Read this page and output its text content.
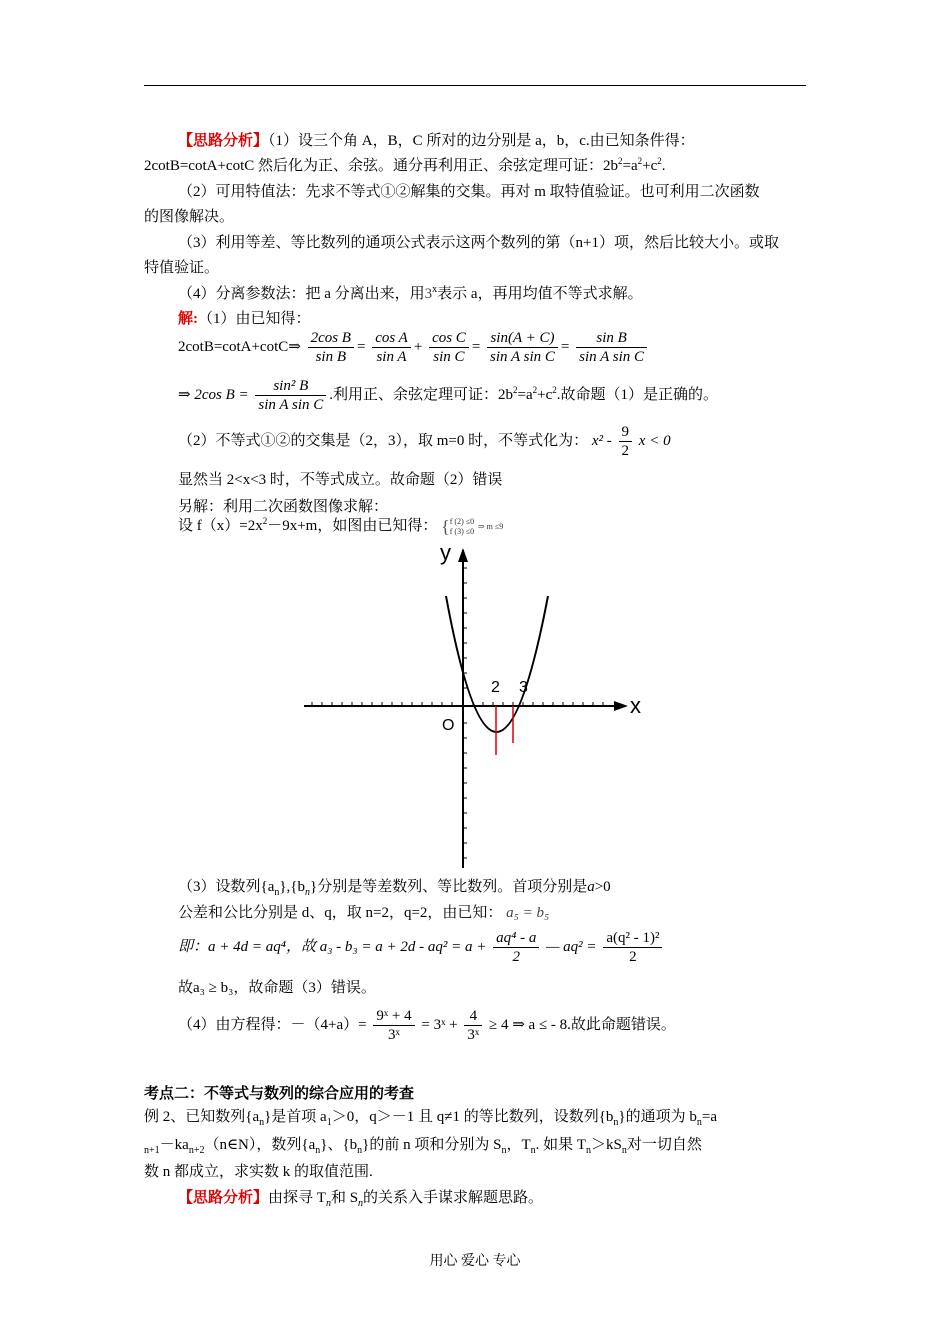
【思路分析】（1）设三个角 A，B，C 所对的边分别是 a，b，c.由已知条件得：
2cotB=cotA+cotC 然后化为正、余弦。通分再利用正、余弦定理可证：$2b^2=a^2+c^2$.
（2）可用特值法：先求不等式①②解集的交集。再对 m 取特值验证。也可利用二次函数
的图像解决。
（3）利用等差、等比数列的通项公式表示这两个数列的第（n+1）项，然后比较大小。或取
特值验证。
（4）分离参数法：把 a 分离出来，用3$^x$表示 a，再用均值不等式求解。
解:（1）由已知得：
2cotB=cotA+cotC⇒ $\frac{\text{2cos B}}{\text{sin B}} = \frac{\text{cos A}}{\text{sin A}} + \frac{\text{cos C}}{\text{sin C}} = \frac{\sin(A + C)}{\text{sin A sin C}} = \frac{\text{sin B}}{\text{sin A sin C}}$
⇒ 2cos $B = \frac{\text{sin² B}}{\text{sin A sin C}}$ .利用正、余弦定理可证：$2b^2=a^2+c^2$.故命题（1）是正确的。
（2）不等式①②的交集是（2，3），取 m=0 时，不等式化为： $x^2 - \frac{9}{2}$ x < 0
显然当 2<x<3 时，不等式成立。故命题（2）错误
另解：利用二次函数图像求解：
设 $f(x)=2x^2-9x+m$，如图由已知得： { f (2) ≤0
f (3) ≤0
⇒ m ≤9
y
x
O
2 3
（3）设数列$\{a_n\},\{b_n\}$分别是等差数列、等比数列。首项分别是a>0
公差和公比分别是 d、q，取 n=2，q=2，由已知： a₅ = b₅
即：a + 4d = aq⁴，故 $a_3 - b_3 = a + 2d - aq^2 = a + \frac{\text{aq⁴ - a}}{2}$ — $aq^2 = \frac{\text{a(q² - 1)²}}{2}$
故a₃ ≥ b₃，故命题（3）错误。
（4）由方程得：$-(4+a)= \frac{\text{9ˣ + 4}}{\text{3ˣ}}$ = 3ˣ + $\frac{4}{\text{3ˣ}} \ge 4$ ⇒ a ≤ - 8.故此命题错误。
考点二：不等式与数列的综合应用的考查
例 2、已知数列$\{a_n\}$是首项 $a_1>0$，q＞－1 且 q≠1 的等比数列，设数列$\{b_n\}$的通项为 $b_n=a$
$_{n+1}-ka_{n+2}(n\in N)$，数列$\{a_n\}$、$\{b_n\}$的前 n 项和分别为 $S_n$，$T_n$. 如果 $T_n>kS_n$对一切自然
数 n 都成立，求实数 k 的取值范围.
【思路分析】由探寻 $T_n$和 $S_n$的关系入手谋求解题思路。
用心 爱心 专心
